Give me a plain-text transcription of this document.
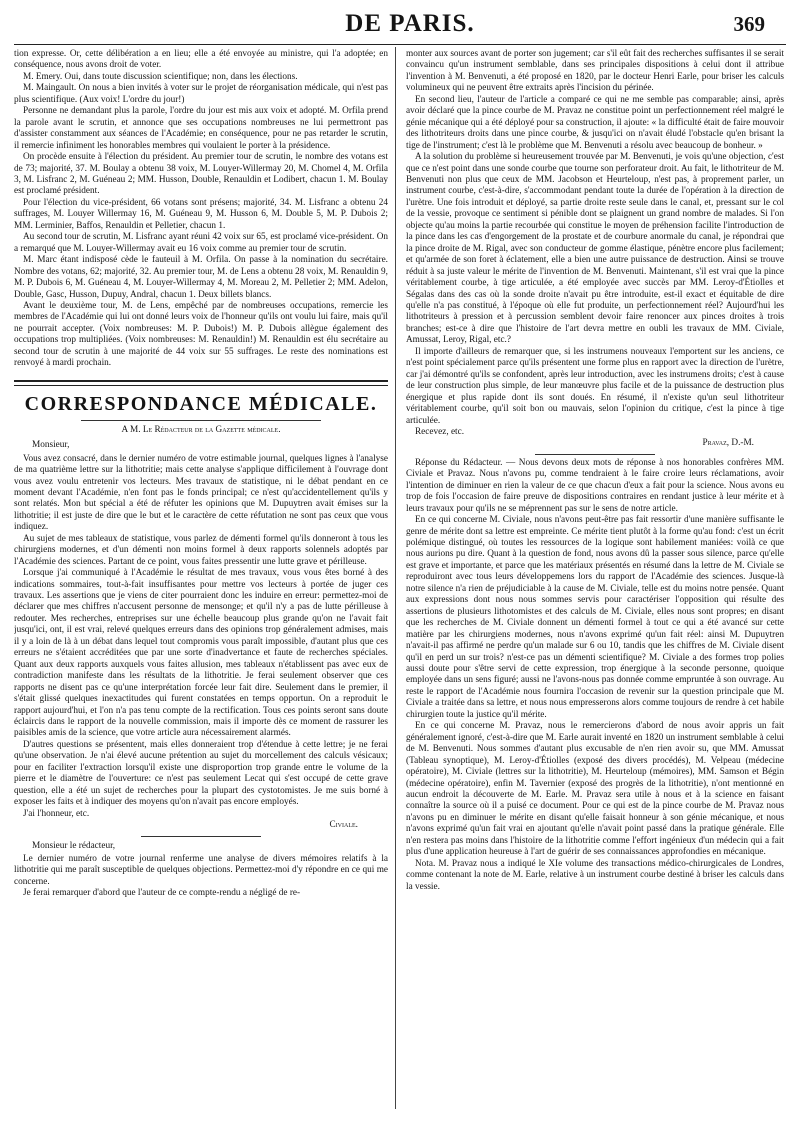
DE PARIS.	369

tion expresse. Or, cette délibération a en lieu; elle a été envoyée au ministre, qui l'a adoptée; en conséquence, nous avons droit de voter.

M. Emery. Oui, dans toute discussion scientifique; non, dans les élections.

M. Maingault. On nous a bien invités à voter sur le projet de réorganisation médicale, qui n'est pas plus scientifique. (Aux voix! L'ordre du jour!)

Personne ne demandant plus la parole, l'ordre du jour est mis aux voix et adopté. M. Orfila prend la parole avant le scrutin, et annonce que ses occupations nombreuses ne lui permettront pas d'assister constamment aux séances de l'Académie; en conséquence, pour ne pas retarder le scrutin, il remercie infiniment les honorables membres qui voulaient le porter à la présidence.

On procède ensuite à l'élection du président. Au premier tour de scrutin, le nombre des votans est de 73; majorité, 37. M. Boulay a obtenu 38 voix, M. Louyer-Willermay 20, M. Chomel 4, M. Orfila 3, M. Lisfranc 2, M. Guéneau 2; MM. Husson, Double, Renauldin et Lodibert, chacun 1. M. Boulay est proclamé président.

Pour l'élection du vice-président, 66 votans sont présens; majorité, 34. M. Lisfranc a obtenu 24 suffrages, M. Louyer Willermay 16, M. Guéneau 9, M. Husson 6, M. Double 5, M. P. Dubois 2; MM. Lerminier, Baffos, Renauldin et Pelletier, chacun 1.

Au second tour de scrutin, M. Lisfranc ayant réuni 42 voix sur 65, est proclamé vice-président. On a remarqué que M. Louyer-Willermay avait eu 16 voix comme au premier tour de scrutin.

M. Marc étant indisposé cède le fauteuil à M. Orfila. On passe à la nomination du secrétaire. Nombre des votans, 62; majorité, 32. Au premier tour, M. de Lens a obtenu 28 voix, M. Renauldin 9, M. P. Dubois 6, M. Guéneau 4, M. Louyer-Willermay 4, M. Moreau 2, M. Pelletier 2; MM. Adelon, Double, Gasc, Husson, Dupuy, Andral, chacun 1. Deux billets blancs.

Avant le deuxième tour, M. de Lens, empêché par de nombreuses occupations, remercie les membres de l'Académie qui lui ont donné leurs voix de l'honneur qu'ils ont voulu lui faire, mais qu'il ne pourrait accepter. (Voix nombreuses: M. P. Dubois!) M. P. Dubois allègue également des occupations trop multipliées. (Voix nombreuses: M. Renauldin!) M. Renauldin est élu secrétaire au second tour de scrutin à une majorité de 44 voix sur 55 suffrages. Le reste des nominations est renvoyé à mardi prochain.

CORRESPONDANCE MÉDICALE.
A M. Le Rédacteur de la Gazette médicale.
Monsieur,

Vous avez consacré, dans le dernier numéro de votre estimable journal, quelques lignes à l'analyse de ma quatrième lettre sur la lithotritie; mais cette analyse s'applique difficilement à l'ouvrage dont vous avez voulu entretenir vos lecteurs. Mes travaux de statistique, ni le débat pendant en ce moment devant l'Académie, n'en font pas le fonds principal; ce n'est qu'accidentellement qu'ils y sont relatés. Mon but spécial a été de réfuter les opinions que M. Dupuytren avait émises sur la lithotritie; il est juste de dire que le but et le caractère de cette réfutation ne sont pas ceux que vous indiquez.

Au sujet de mes tableaux de statistique, vous parlez de démenti formel qu'ils donneront à tous les chirurgiens modernes, et d'un démenti non moins formel à deux rapports solennels adoptés par l'Académie des sciences. Partant de ce point, vous faites pressentir une lutte grave et périlleuse.

Lorsque j'ai communiqué à l'Académie le résultat de mes travaux, vous vous êtes borné à des indications sommaires, tout-à-fait insuffisantes pour mettre vos lecteurs à portée de juger ces travaux. Les assertions que je viens de citer pourraient donc les induire en erreur: permettez-moi de déclarer que mes chiffres n'accusent personne de mensonge; et qu'il n'y a pas de lutte périlleuse à redouter. Mes recherches, entreprises sur une échelle beaucoup plus grande qu'on ne l'avait fait jusqu'ici, ont, il est vrai, relevé quelques erreurs dans des opinions trop généralement admises, mais il y a loin de là à un débat dans lequel tout compromis vous paraît impossible, d'autant plus que ces erreurs ne s'étaient accréditées que par une sorte d'inadvertance et faute de recherches spéciales. Quant aux deux rapports auxquels vous faites allusion, mes tableaux n'établissent pas avec eux de contradiction manifeste dans les résultats de la lithotritie. Je ferai seulement observer que ces rapports ne disent pas ce qu'une interprétation forcée leur fait dire. Seulement dans le premier, il s'était glissé quelques inexactitudes qui furent constatées en temps opportun. On a reproduit le rapport aujourd'hui, et l'on n'a pas tenu compte de la rectification. Tous ces points seront sans doute éclaircis dans le rapport de la nouvelle commission, mais il importe dès ce moment de rassurer les paisibles amis de la science, que votre article aura nécessairement alarmés.

D'autres questions se présentent, mais elles donneraient trop d'étendue à cette lettre; je ne ferai qu'une observation. Je n'ai élevé aucune prétention au sujet du morcellement des calculs vésicaux; pour en faciliter l'extraction lorsqu'il existe une disproportion trop grande entre le volume de la pierre et le diamètre de l'ouverture: ce n'est pas seulement Lecat qui s'est occupé de cette grave question, elle a été un sujet de recherches pour la plupart des cystotomistes. Je me suis borné à exposer les faits et à indiquer des moyens qu'on n'avait pas encore employés.

J'ai l'honneur, etc.

Civiale.

Monsieur le rédacteur,

Le dernier numéro de votre journal renferme une analyse de divers mémoires relatifs à la lithotritie qui me paraît susceptible de quelques objections. Permettez-moi d'y répondre en ce qui me concerne.

Je ferai remarquer d'abord que l'auteur de ce compte-rendu a négligé de re-

monter aux sources avant de porter son jugement; car s'il eût fait des recherches suffisantes il se serait convaincu qu'un instrument semblable, dans ses principales dispositions à celui dont il attribue l'invention à M. Benvenuti, a été proposé en 1820, par le docteur Henri Earle, pour briser les calculs volumineux qui ne peuvent être extraits après l'incision du périnée.

En second lieu, l'auteur de l'article a comparé ce qui ne me semble pas comparable; ainsi, après avoir déclaré que la pince courbe de M. Pravaz ne constitue point un perfectionnement réel malgré le génie mécanique qui a été déployé pour sa construction, il ajoute: « la difficulté était de faire mouvoir des lithotriteurs droits dans une pince courbe, & jusqu'ici on n'avait éludé l'obstacle qu'en brisant la tige de l'instrument; c'est là le problème que M. Benvenuti a résolu avec beaucoup de bonheur. »

A la solution du problème si heureusement trouvée par M. Benvenuti, je vois qu'une objection, c'est que ce n'est point dans une sonde courbe que tourne son perforateur droit. Au fait, le lithotriteur de M. Benvenuti non plus que ceux de MM. Jacobson et Heurteloup, n'est pas, à proprement parler, un instrument courbe, c'est-à-dire, s'accommodant pendant toute la durée de l'opération à la direction de l'urètre. Une fois introduit et déployé, sa partie droite reste seule dans le canal, et, pressant sur le col de la vessie, provoque ce sentiment si pénible dont se plaignent un grand nombre de malades. Si l'on objecte qu'au moins la partie recourbée qui constitue le moyen de préhension facilite l'introduction de la pince dans les cas d'engorgement de la prostate et de courbure anormale du canal, je répondrai que la pince droite de M. Rigal, avec son conducteur de gomme élastique, pénètre encore plus facilement; et qu'armée de son foret à éclatement, elle a bien une autre puissance de destruction. Ainsi se trouve réduit à sa juste valeur le mérite de l'invention de M. Benvenuti. Maintenant, s'il est vrai que la pince véritablement courbe, à tige articulée, a été employée avec succès par MM. Leroy-d'Étiolles et Ségalas dans des cas où la sonde droite n'avait pu être introduite, est-il exact et équitable de dire qu'elle n'a pas constitué, à l'époque où elle fut produite, un perfectionnement réel? Aujourd'hui les lithotriteurs à pression et à percussion semblent devoir faire renoncer aux pinces droites à trois branches; est-ce à dire que l'histoire de l'art devra mettre en oubli les travaux de MM. Civiale, Amussat, Leroy, Rigal, etc.?

Il importe d'ailleurs de remarquer que, si les instrumens nouveaux l'emportent sur les anciens, ce n'est point spécialement parce qu'ils présentent une forme plus en rapport avec la direction de l'urètre, car j'ai démontré qu'ils se confondent, après leur introduction, avec les instrumens droits; c'est à cause de leur construction plus simple, de leur manœuvre plus facile et de la puissance de destruction plus énergique et plus rapide dont ils sont doués. En résumé, il n'existe qu'un seul lithotriteur véritablement courbe, qu'il soit bon ou mauvais, selon l'opinion du critique, c'est la pince à tige articulée.

Recevez, etc.

Pravaz, D.-M.

Réponse du Rédacteur. — Nous devons deux mots de réponse à nos honorables confrères MM. Civiale et Pravaz. Nous n'avons pu, comme tendraient à le faire croire leurs réclamations, avoir l'intention de diminuer en rien la valeur de ce que chacun d'eux a fait pour la science. Nous avons eu trop de fois l'occasion de faire preuve de dispositions contraires en rendant justice à leur mérite et à leurs travaux pour qu'ils ne se méprennent pas sur le sens de notre article.

En ce qui concerne M. Civiale, nous n'avons peut-être pas fait ressortir d'une manière suffisante le genre de mérite dont sa lettre est empreinte. Ce mérite tient plutôt à la forme qu'au fond: c'est un écrit polémique distingué, où toutes les ressources de la logique sont habilement maniées: voilà ce que nous aurions pu dire. Quant à la question de fond, nous avons dû la passer sous silence, parce qu'elle est grave et importante, et parce que les matériaux présentés en résumé dans la lettre de M. Civiale se reproduiront avec tous leurs développemens lors du rapport de l'Académie des sciences. Jusque-là notre silence n'a rien de préjudiciable à la cause de M. Civiale, telle est du moins notre pensée. Quant aux expressions dont nous nous sommes servis pour caractériser l'opposition qui résulte des assertions de plusieurs lithotomistes et des calculs de M. Civiale, elles nous sont propres; en disant que les recherches de M. Civiale donnent un démenti formel à tout ce qui a été avancé sur cette matière par les chirurgiens modernes, nous n'avons exprimé qu'un fait réel: ainsi M. Dupuytren n'avait-il pas affirmé ne perdre qu'un malade sur 6 ou 10, tandis que les chiffres de M. Civiale disent qu'il en perd un sur trois? n'est-ce pas un démenti scientifique? M. Civiale a des formes trop polies aussi doute pour s'être servi de cette expression, trop énergique à la seconde personne, quoique employée dans un sens figuré; aussi ne l'avons-nous pas donnée comme empruntée à son ouvrage. Au reste le rapport de l'Académie nous fournira l'occasion de revenir sur la question principale que M. Civiale a traitée dans sa lettre, et nous nous empresserons alors comme toujours de rendre à cet habile chirurgien toute la justice qu'il mérite.

En ce qui concerne M. Pravaz, nous le remercierons d'abord de nous avoir appris un fait généralement ignoré, c'est-à-dire que M. Earle aurait inventé en 1820 un instrument semblable à celui de M. Benvenuti. Nous sommes d'autant plus excusable de n'en rien avoir su, que MM. Amussat (Tableau synoptique), M. Leroy-d'Étiolles (exposé des divers procédés), M. Velpeau (médecine opératoire), M. Civiale (lettres sur la lithotritie), M. Heurteloup (mémoires), MM. Samson et Bégin (médecine opératoire), enfin M. Tavernier (exposé des progrès de la lithotritie), n'ont mentionné en aucun endroit la découverte de M. Earle. M. Pravaz sera utile à nous et à la science en faisant connaître la source où il a puisé ce document. Pour ce qui est de la pince courbe de M. Pravaz nous n'avons pu en diminuer le mérite en disant qu'elle faisait honneur à son génie mécanique, et nous n'avons exprimé qu'un fait vrai en ajoutant qu'elle n'avait point passé dans la pratique générale. Elle n'en restera pas moins dans l'histoire de la lithotritie comme l'effort ingénieux d'un médecin qui a fait plus d'une application heureuse à l'art de guérir de ses connaissances approfondies en mécanique.

Nota. M. Pravaz nous a indiqué le XIe volume des transactions médico-chirurgicales de Londres, comme contenant la note de M. Earle, relative à un instrument courbe destiné à briser les calculs dans la vessie.
